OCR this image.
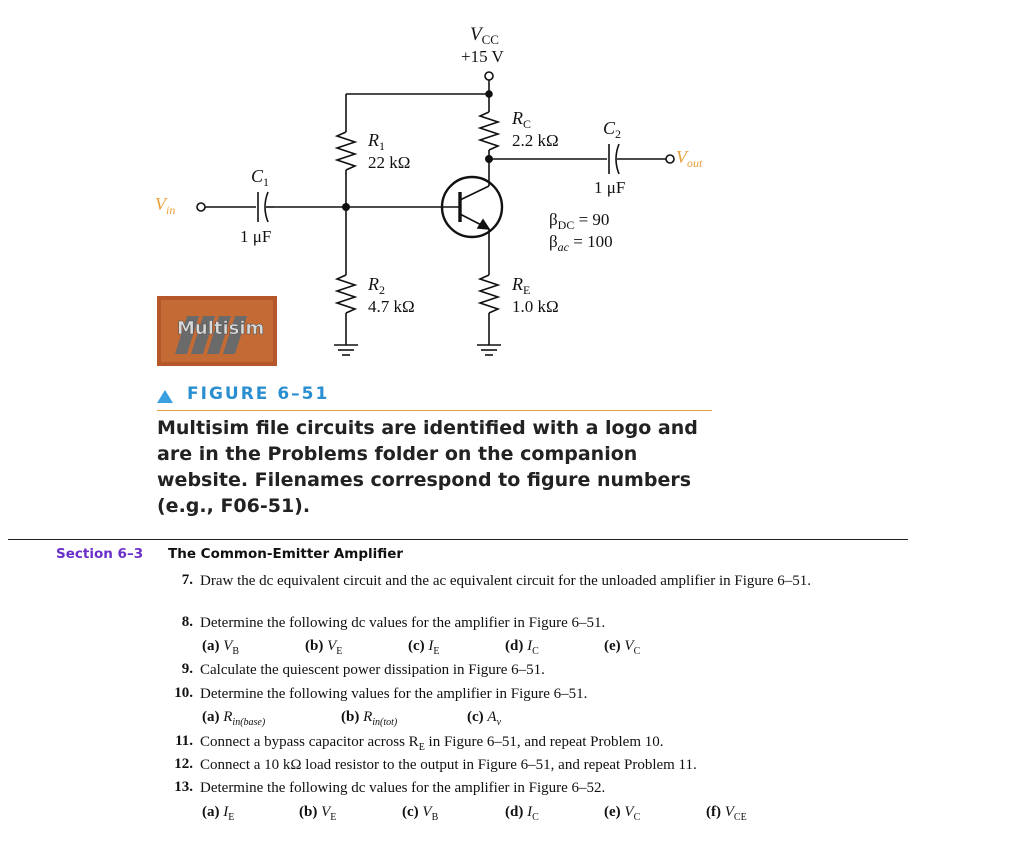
$V_{CC}$
+15 V
$R_1$
22 kΩ
$R_2$
4.7 kΩ
$R_C$
2.2 kΩ
$R_E$
1.0 kΩ
$C_1$
1 μF
$C_2$
1 μF
$V_{in}$
$V_{out}$
$\beta_{DC} = 90$
$\beta_{ac} = 100$
Multisim
FIGURE 6–51
Multisim file circuits are identified with a logo and are in the Problems folder on the companion website. Filenames correspond to figure numbers (e.g., F06-51).
Section 6–3 The Common-Emitter Amplifier
7. Draw the dc equivalent circuit and the ac equivalent circuit for the unloaded amplifier in Figure 6–51.
8. Determine the following dc values for the amplifier in Figure 6–51.
(a) $V_B$	(b) $V_E$	(c) $I_E$	(d) $I_C$	(e) $V_C$
9. Calculate the quiescent power dissipation in Figure 6–51.
10. Determine the following values for the amplifier in Figure 6–51.
(a) $R_{in(base)}$	(b) $R_{in(tot)}$	(c) $A_v$
11. Connect a bypass capacitor across $R_E$ in Figure 6–51, and repeat Problem 10.
12. Connect a 10 kΩ load resistor to the output in Figure 6–51, and repeat Problem 11.
13. Determine the following dc values for the amplifier in Figure 6–52.
(a) $I_E$	(b) $V_E$	(c) $V_B$	(d) $I_C$	(e) $V_C$	(f) $V_{CE}$
